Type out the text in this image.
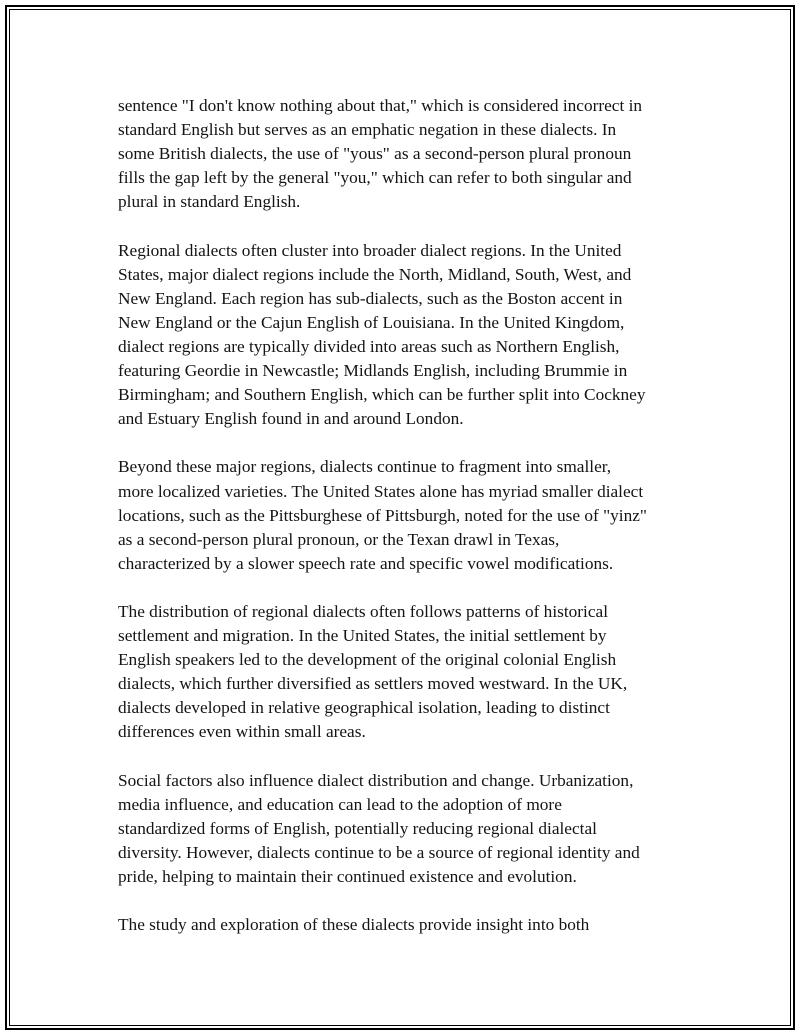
sentence "I don't know nothing about that," which is considered incorrect in
standard English but serves as an emphatic negation in these dialects. In
some British dialects, the use of "yous" as a second-person plural pronoun
fills the gap left by the general "you," which can refer to both singular and
plural in standard English.

Regional dialects often cluster into broader dialect regions. In the United
States, major dialect regions include the North, Midland, South, West, and
New England. Each region has sub-dialects, such as the Boston accent in
New England or the Cajun English of Louisiana. In the United Kingdom,
dialect regions are typically divided into areas such as Northern English,
featuring Geordie in Newcastle; Midlands English, including Brummie in
Birmingham; and Southern English, which can be further split into Cockney
and Estuary English found in and around London.

Beyond these major regions, dialects continue to fragment into smaller,
more localized varieties. The United States alone has myriad smaller dialect
locations, such as the Pittsburghese of Pittsburgh, noted for the use of "yinz"
as a second-person plural pronoun, or the Texan drawl in Texas,
characterized by a slower speech rate and specific vowel modifications.

The distribution of regional dialects often follows patterns of historical
settlement and migration. In the United States, the initial settlement by
English speakers led to the development of the original colonial English
dialects, which further diversified as settlers moved westward. In the UK,
dialects developed in relative geographical isolation, leading to distinct
differences even within small areas.

Social factors also influence dialect distribution and change. Urbanization,
media influence, and education can lead to the adoption of more
standardized forms of English, potentially reducing regional dialectal
diversity. However, dialects continue to be a source of regional identity and
pride, helping to maintain their continued existence and evolution.

The study and exploration of these dialects provide insight into both
